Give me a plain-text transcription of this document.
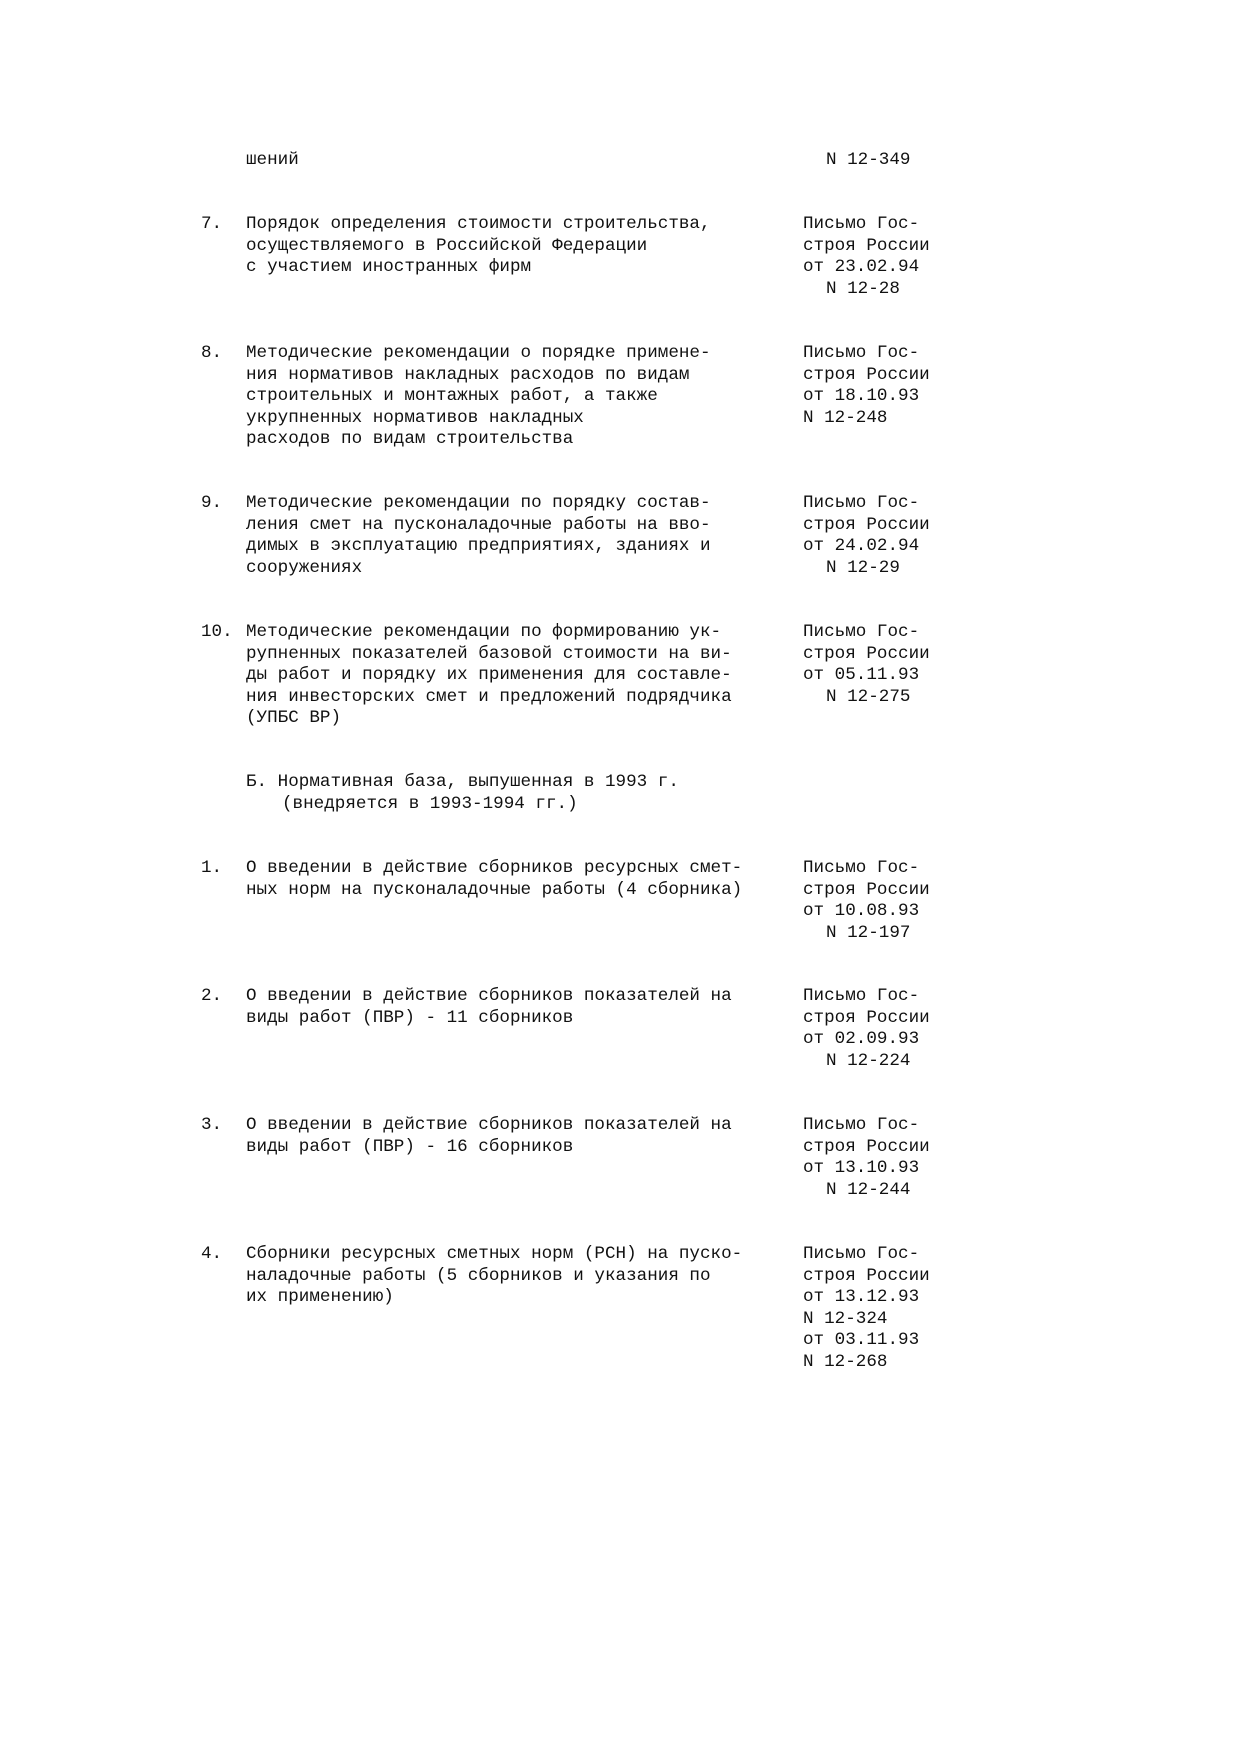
шений	N 12-349
7. Порядок определения стоимости строительства,
осуществляемого в Российской Федерации
с участием иностранных фирм
Письмо Гос-
строя России
от 23.02.94
N 12-28
8. Методические рекомендации о порядке примене-
ния нормативов накладных расходов по видам
строительных и монтажных работ, а также
укрупненных нормативов накладных
расходов по видам строительства
Письмо Гос-
строя России
от 18.10.93
N 12-248
9. Методические рекомендации по порядку состав-
ления смет на пусконаладочные работы на вво-
димых в эксплуатацию предприятиях, зданиях и
сооружениях
Письмо Гос-
строя России
от 24.02.94
N 12-29
10. Методические рекомендации по формированию ук-
рупненных показателей базовой стоимости на ви-
ды работ и порядку их применения для составле-
ния инвесторских смет и предложений подрядчика
(УПБС ВР)
Письмо Гос-
строя России
от 05.11.93
N 12-275
Б. Нормативная база, выпушенная в 1993 г.
(внедряется в 1993-1994 гг.)
1. О введении в действие сборников ресурсных смет-
ных норм на пусконаладочные работы (4 сборника)
Письмо Гос-
строя России
от 10.08.93
N 12-197
2. О введении в действие сборников показателей на
виды работ (ПВР) - 11 сборников
Письмо Гос-
строя России
от 02.09.93
N 12-224
3. О введении в действие сборников показателей на
виды работ (ПВР) - 16 сборников
Письмо Гос-
строя России
от 13.10.93
N 12-244
4. Сборники ресурсных сметных норм (РСН) на пуско-
наладочные работы (5 сборников и указания по
их применению)
Письмо Гос-
строя России
от 13.12.93
N 12-324
от 03.11.93
N 12-268
